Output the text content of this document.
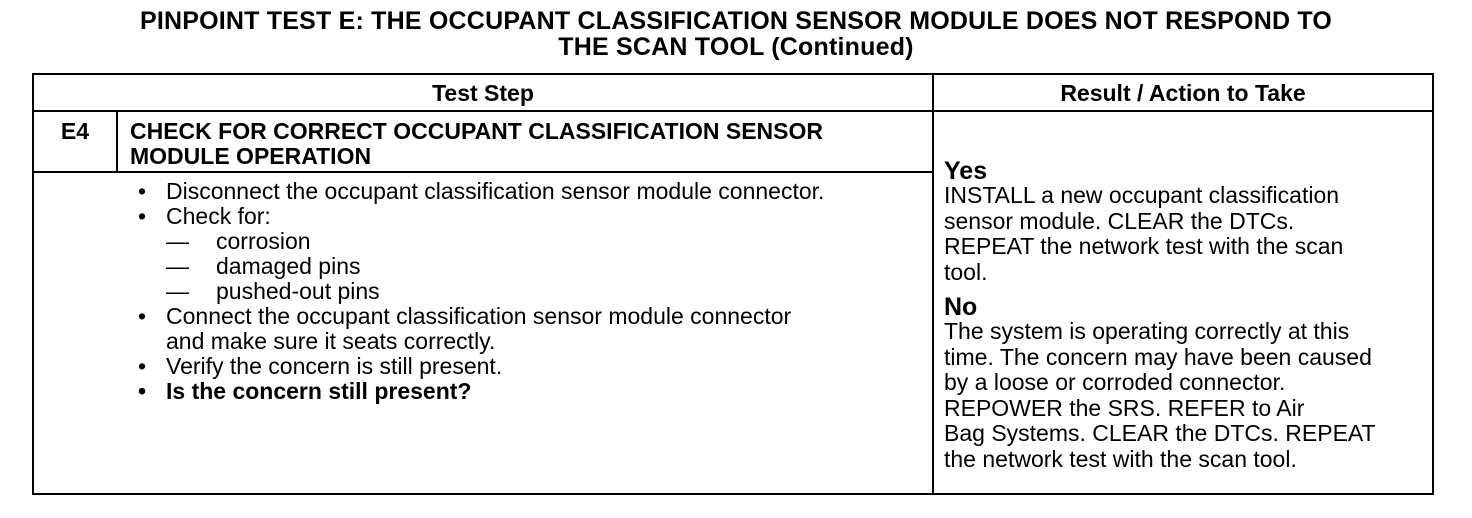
PINPOINT TEST E: THE OCCUPANT CLASSIFICATION SENSOR MODULE DOES NOT RESPOND TO
THE SCAN TOOL (Continued)
Test Step	Result / Action to Take
E4	CHECK FOR CORRECT OCCUPANT CLASSIFICATION SENSOR
MODULE OPERATION
• Disconnect the occupant classification sensor module connector.
• Check for:
— corrosion
— damaged pins
— pushed-out pins
• Connect the occupant classification sensor module connector
and make sure it seats correctly.
• Verify the concern is still present.
• Is the concern still present?
Yes
INSTALL a new occupant classification
sensor module. CLEAR the DTCs.
REPEAT the network test with the scan
tool.
No
The system is operating correctly at this
time. The concern may have been caused
by a loose or corroded connector.
REPOWER the SRS. REFER to Air
Bag Systems. CLEAR the DTCs. REPEAT
the network test with the scan tool.
